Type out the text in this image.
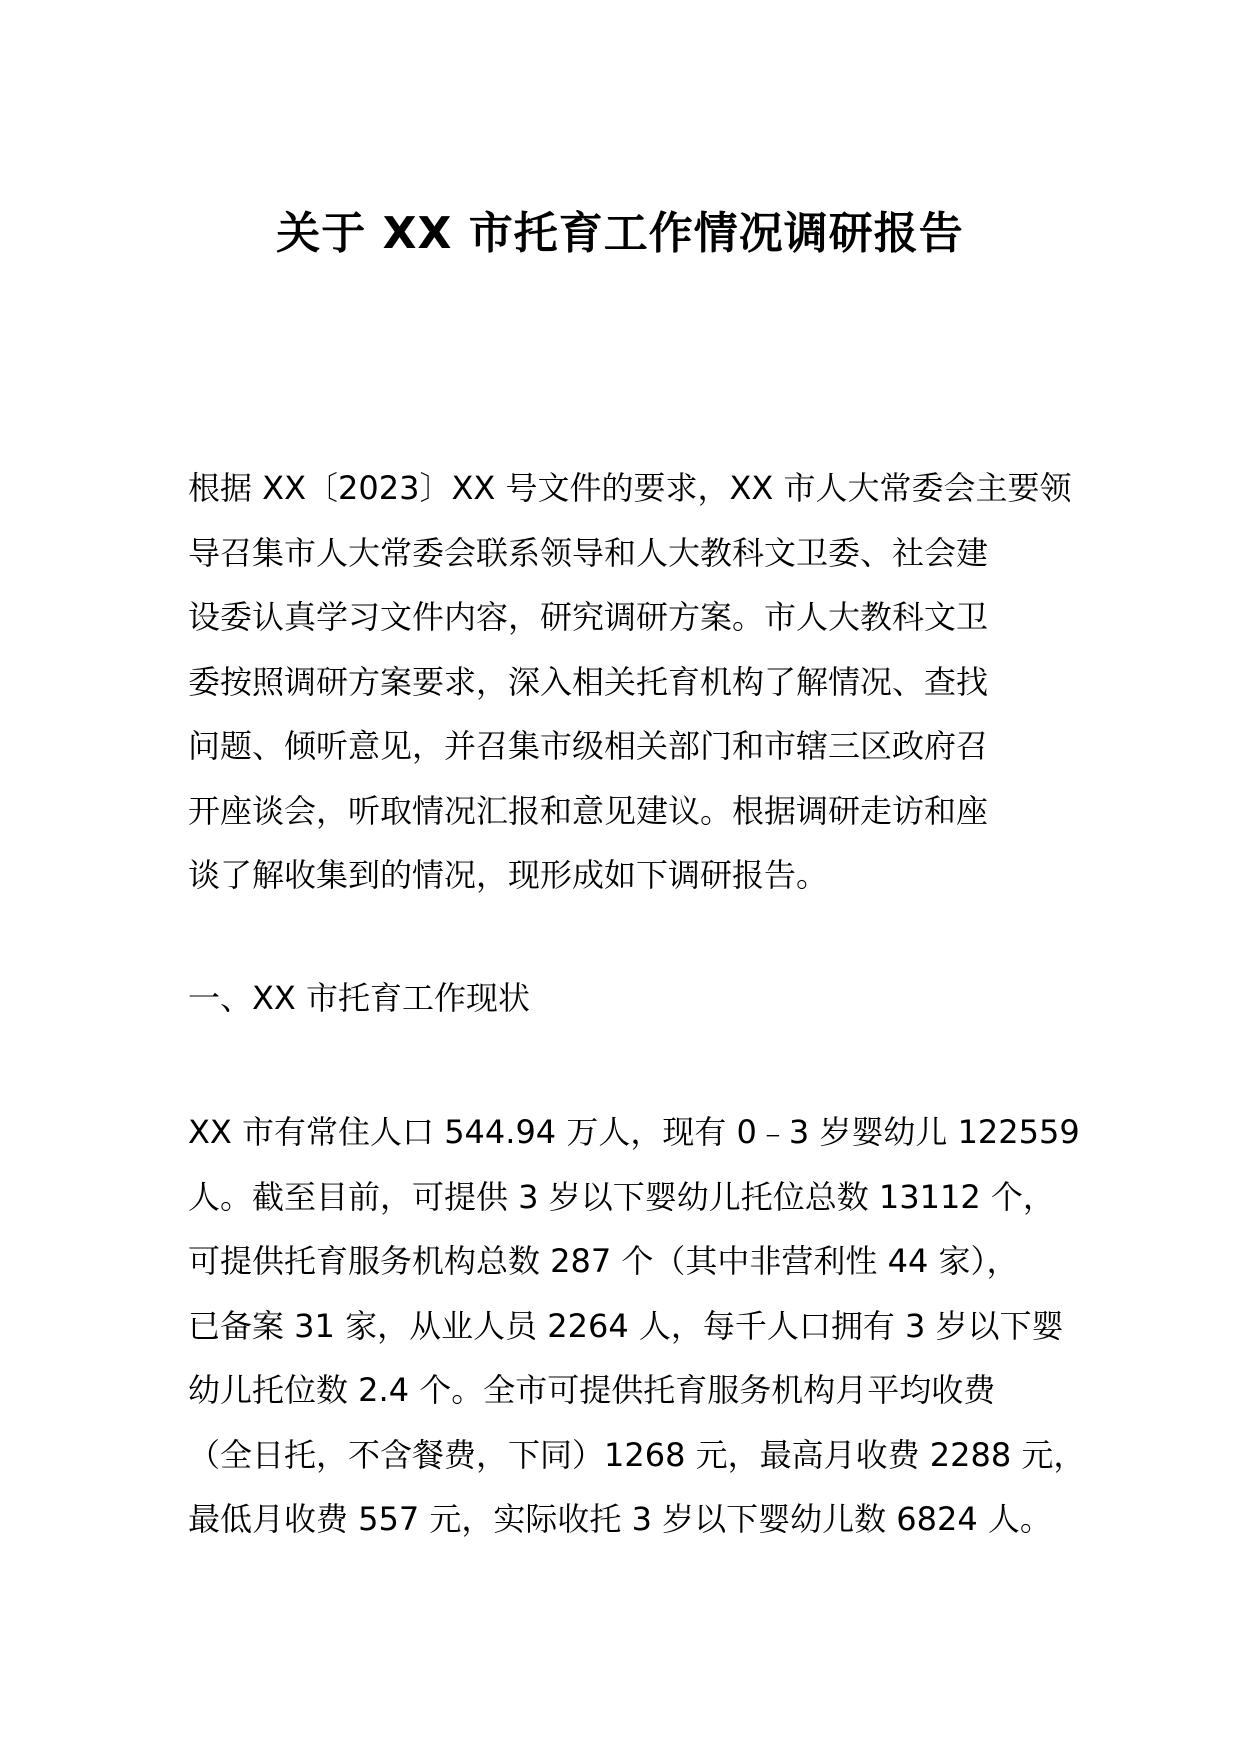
关于 XX 市托育工作情况调研报告
根据 XX〔2023〕XX 号文件的要求，XX 市人大常委会主要领
导召集市人大常委会联系领导和人大教科文卫委、社会建
设委认真学习文件内容，研究调研方案。市人大教科文卫
委按照调研方案要求，深入相关托育机构了解情况、查找
问题、倾听意见，并召集市级相关部门和市辖三区政府召
开座谈会，听取情况汇报和意见建议。根据调研走访和座
谈了解收集到的情况，现形成如下调研报告。
一、XX 市托育工作现状
XX 市有常住人口 544.94 万人，现有 0﹣3 岁婴幼儿 122559
人。截至目前，可提供 3 岁以下婴幼儿托位总数 13112 个，
可提供托育服务机构总数 287 个（其中非营利性 44 家），
已备案 31 家，从业人员 2264 人，每千人口拥有 3 岁以下婴
幼儿托位数 2.4 个。全市可提供托育服务机构月平均收费
（全日托，不含餐费，下同）1268 元，最高月收费 2288 元，
最低月收费 557 元，实际收托 3 岁以下婴幼儿数 6824 人。
